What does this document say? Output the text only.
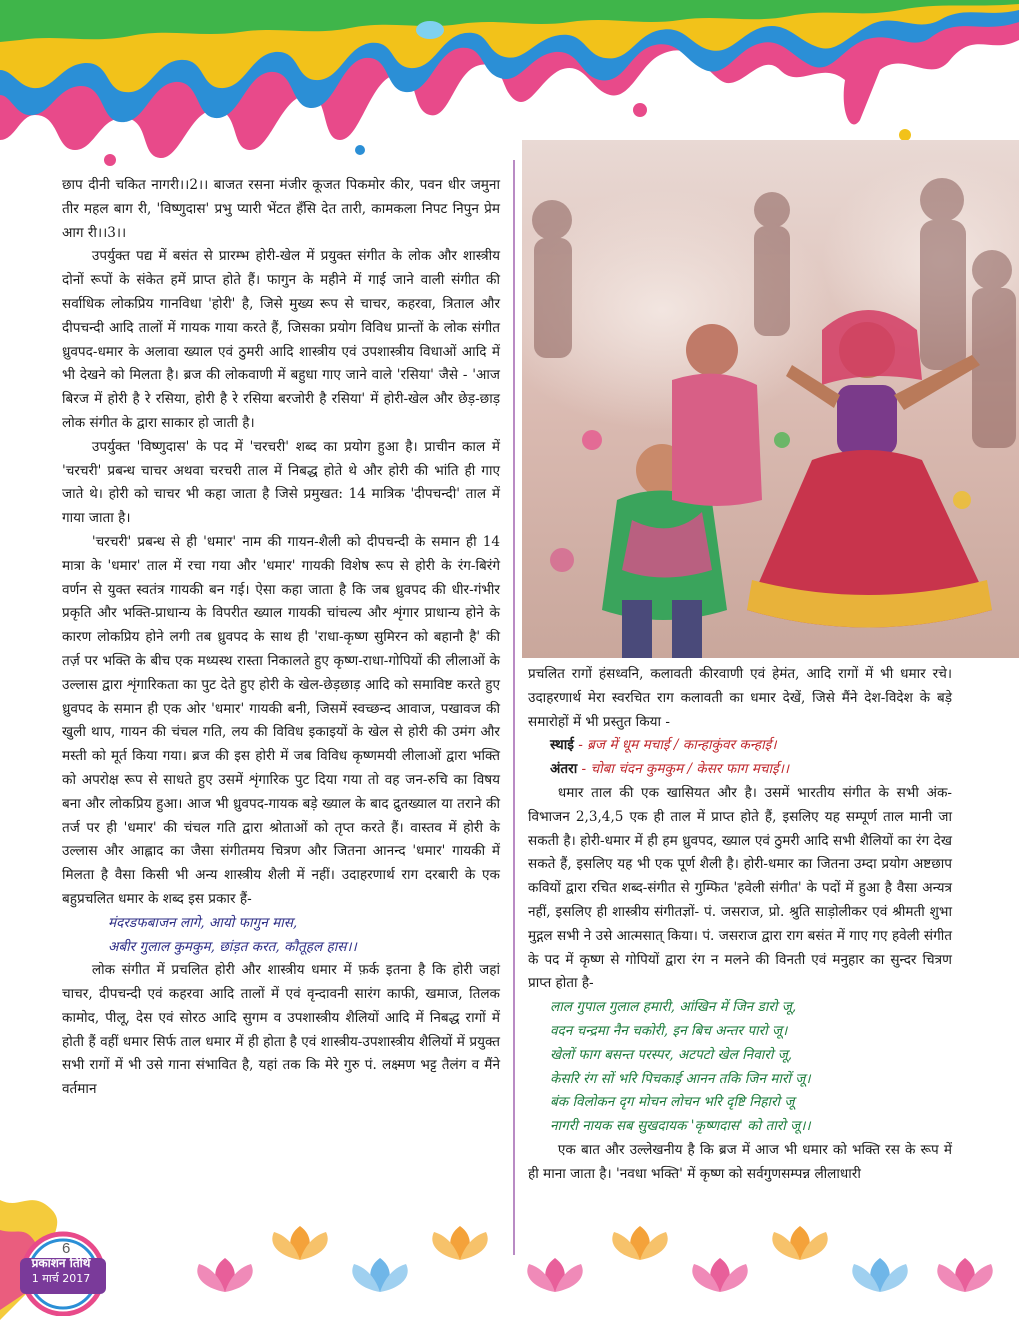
छाप दीनी चकित नागरी।।2।। बाजत रसना मंजीर कूजत पिकमोर कीर, पवन धीर जमुना तीर महल बाग री, 'विष्णुदास' प्रभु प्यारी भेंटत हँसि देत तारी, कामकला निपट निपुन प्रेम आग री।।3।।

उपर्युक्त पद्य में बसंत से प्रारम्भ होरी-खेल में प्रयुक्त संगीत के लोक और शास्त्रीय दोनों रूपों के संकेत हमें प्राप्त होते हैं। फागुन के महीने में गाई जाने वाली संगीत की सर्वाधिक लोकप्रिय गानविधा 'होरी' है, जिसे मुख्य रूप से चाचर, कहरवा, त्रिताल और दीपचन्दी आदि तालों में गायक गाया करते हैं, जिसका प्रयोग विविध प्रान्तों के लोक संगीत ध्रुवपद-धमार के अलावा ख्याल एवं ठुमरी आदि शास्त्रीय एवं उपशास्त्रीय विधाओं आदि में भी देखने को मिलता है। ब्रज की लोकवाणी में बहुधा गाए जाने वाले 'रसिया' जैसे - 'आज बिरज में होरी है रे रसिया, होरी है रे रसिया बरजोरी है रसिया' में होरी-खेल और छेड़-छाड़ लोक संगीत के द्वारा साकार हो जाती है।

उपर्युक्त 'विष्णुदास' के पद में 'चरचरी' शब्द का प्रयोग हुआ है। प्राचीन काल में 'चरचरी' प्रबन्ध चाचर अथवा चरचरी ताल में निबद्ध होते थे और होरी की भांति ही गाए जाते थे। होरी को चाचर भी कहा जाता है जिसे प्रमुखत: 14 मात्रिक 'दीपचन्दी' ताल में गाया जाता है।

'चरचरी' प्रबन्ध से ही 'धमार' नाम की गायन-शैली को दीपचन्दी के समान ही 14 मात्रा के 'धमार' ताल में रचा गया और 'धमार' गायकी विशेष रूप से होरी के रंग-बिरंगे वर्णन से युक्त स्वतंत्र गायकी बन गई। ऐसा कहा जाता है कि जब ध्रुवपद की धीर-गंभीर प्रकृति और भक्ति-प्राधान्य के विपरीत ख्याल गायकी चांचल्य और शृंगार प्राधान्य होने के कारण लोकप्रिय होने लगी तब ध्रुवपद के साथ ही 'राधा-कृष्ण सुमिरन को बहानौ है' की तर्ज़ पर भक्ति के बीच एक मध्यस्थ रास्ता निकालते हुए कृष्ण-राधा-गोपियों की लीलाओं के उल्लास द्वारा शृंगारिकता का पुट देते हुए होरी के खेल-छेड़छाड़ आदि को समाविष्ट करते हुए ध्रुवपद के समान ही एक ओर 'धमार' गायकी बनी, जिसमें स्वच्छन्द आवाज, पखावज की खुली थाप, गायन की चंचल गति, लय की विविध इकाइयों के खेल से होरी की उमंग और मस्ती को मूर्त किया गया। ब्रज की इस होरी में जब विविध कृष्णमयी लीलाओं द्वारा भक्ति को अपरोक्ष रूप से साधते हुए उसमें शृंगारिक पुट दिया गया तो वह जन-रुचि का विषय बना और लोकप्रिय हुआ। आज भी ध्रुवपद-गायक बड़े ख्याल के बाद द्रुतख्याल या तराने की तर्ज पर ही 'धमार' की चंचल गति द्वारा श्रोताओं को तृप्त करते हैं। वास्तव में होरी के उल्लास और आह्लाद का जैसा संगीतमय चित्रण और जितना आनन्द 'धमार' गायकी में मिलता है वैसा किसी भी अन्य शास्त्रीय शैली में नहीं। उदाहरणार्थ राग दरबारी के एक बहुप्रचलित धमार के शब्द इस प्रकार हैं-

मंदरडफबाजन लागे, आयो फागुन मास,

अबीर गुलाल कुमकुम, छांड़त करत, कौतूहल हास।।

लोक संगीत में प्रचलित होरी और शास्त्रीय धमार में फ़र्क इतना है कि होरी जहां चाचर, दीपचन्दी एवं कहरवा आदि तालों में एवं वृन्दावनी सारंग काफी, खमाज, तिलक कामोद, पीलू, देस एवं सोरठ आदि सुगम व उपशास्त्रीय शैलियों आदि में निबद्ध रागों में होती हैं वहीं धमार सिर्फ ताल धमार में ही होता है एवं शास्त्रीय-उपशास्त्रीय शैलियों में प्रयुक्त सभी रागों में भी उसे गाना संभावित है, यहां तक कि मेरे गुरु पं. लक्ष्मण भट्ट तैलंग व मैंने वर्तमान

प्रचलित रागों हंसध्वनि, कलावती कीरवाणी एवं हेमंत, आदि रागों में भी धमार रचे। उदाहरणार्थ मेरा स्वरचित राग कलावती का धमार देखें, जिसे मैंने देश-विदेश के बड़े समारोहों में भी प्रस्तुत किया -

स्थाई - ब्रज में धूम मचाई / कान्हाकुंवर कन्हाई।

अंतरा - चोबा चंदन कुमकुम / केसर फाग मचाई।।

धमार ताल की एक खासियत और है। उसमें भारतीय संगीत के सभी अंक-विभाजन 2,3,4,5 एक ही ताल में प्राप्त होते हैं, इसलिए यह सम्पूर्ण ताल मानी जा सकती है। होरी-धमार में ही हम ध्रुवपद, ख्याल एवं ठुमरी आदि सभी शैलियों का रंग देख सकते हैं, इसलिए यह भी एक पूर्ण शैली है। होरी-धमार का जितना उम्दा प्रयोग अष्टछाप कवियों द्वारा रचित शब्द-संगीत से गुम्फित 'हवेली संगीत' के पदों में हुआ है वैसा अन्यत्र नहीं, इसलिए ही शास्त्रीय संगीतज्ञों- पं. जसराज, प्रो. श्रुति साड़ोलीकर एवं श्रीमती शुभा मुद्गल सभी ने उसे आत्मसात् किया। पं. जसराज द्वारा राग बसंत में गाए गए हवेली संगीत के पद में कृष्ण से गोपियों द्वारा रंग न मलने की विनती एवं मनुहार का सुन्दर चित्रण प्राप्त होता है-

लाल गुपाल गुलाल हमारी, आंखिन में जिन डारो जू,

वदन चन्द्रमा नैन चकोरी, इन बिच अन्तर पारो जू।

खेलों फाग बसन्त परस्पर, अटपटो खेल निवारो जू,

केसरि रंग सों भरि पिचकाई आनन तकि जिन मारों जू।

बंक विलोकन दृग मोचन लोचन भरि दृष्टि निहारो जू

नागरी नायक सब सुखदायक 'कृष्णदास' को तारो जू।।

एक बात और उल्लेखनीय है कि ब्रज में आज भी धमार को भक्ति रस के रूप में ही माना जाता है। 'नवधा भक्ति' में कृष्ण को सर्वगुणसम्पन्न लीलाधारी

6
प्रकाशन तिथि
1 मार्च 2017
